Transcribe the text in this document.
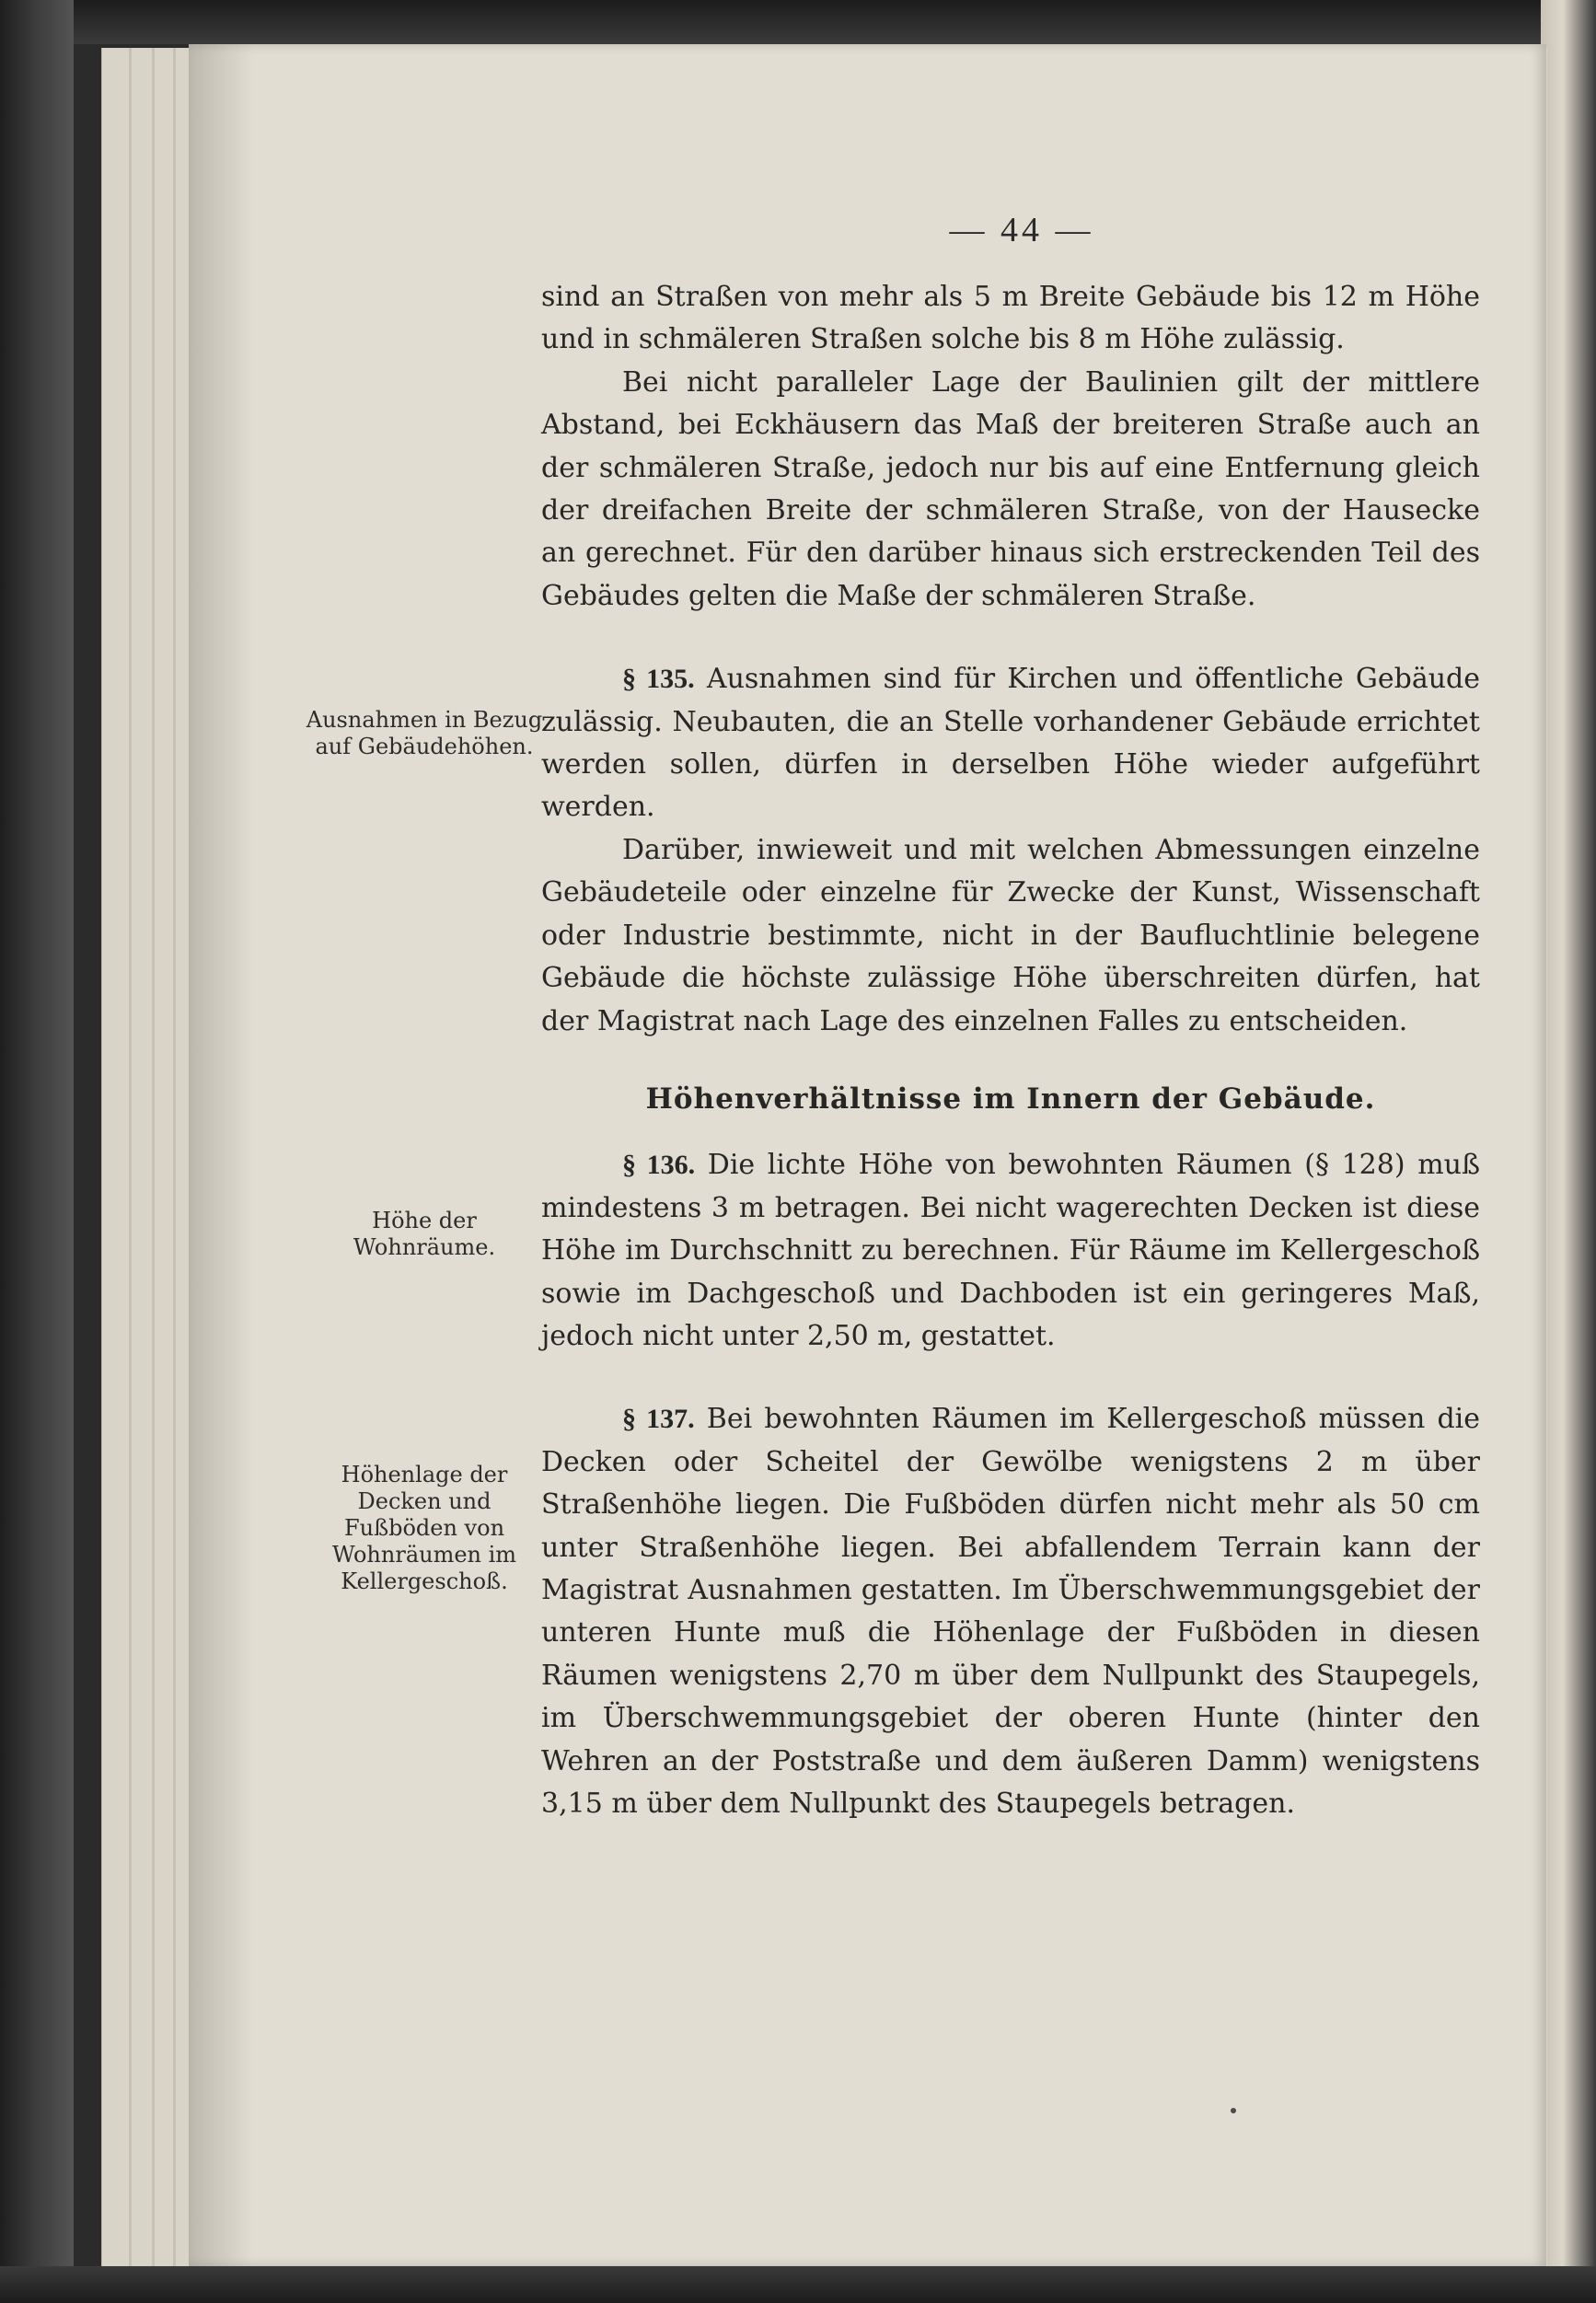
— 44 —
Ausnahmen in Bezug auf Gebäudehöhen.
Höhe der Wohnräume.
Höhenlage der Decken und Fußböden von Wohnräumen im Kellergeschoß.

sind an Straßen von mehr als 5 m Breite Gebäude bis 12 m Höhe und in schmäleren Straßen solche bis 8 m Höhe zulässig.

Bei nicht paralleler Lage der Baulinien gilt der mittlere Abstand, bei Eckhäusern das Maß der breiteren Straße auch an der schmäleren Straße, jedoch nur bis auf eine Entfernung gleich der dreifachen Breite der schmäleren Straße, von der Hausecke an gerechnet. Für den darüber hinaus sich erstreckenden Teil des Gebäudes gelten die Maße der schmäleren Straße.

§ 135. Ausnahmen sind für Kirchen und öffentliche Gebäude zulässig. Neubauten, die an Stelle vorhandener Gebäude errichtet werden sollen, dürfen in derselben Höhe wieder aufgeführt werden.

Darüber, inwieweit und mit welchen Abmessungen einzelne Gebäudeteile oder einzelne für Zwecke der Kunst, Wissenschaft oder Industrie bestimmte, nicht in der Baufluchtlinie belegene Gebäude die höchste zulässige Höhe überschreiten dürfen, hat der Magistrat nach Lage des einzelnen Falles zu entscheiden.

Höhenverhältnisse im Innern der Gebäude.

§ 136. Die lichte Höhe von bewohnten Räumen (§ 128) muß mindestens 3 m betragen. Bei nicht wagerechten Decken ist diese Höhe im Durchschnitt zu berechnen. Für Räume im Kellergeschoß sowie im Dachgeschoß und Dachboden ist ein geringeres Maß, jedoch nicht unter 2,50 m, gestattet.

§ 137. Bei bewohnten Räumen im Kellergeschoß müssen die Decken oder Scheitel der Gewölbe wenigstens 2 m über Straßenhöhe liegen. Die Fußböden dürfen nicht mehr als 50 cm unter Straßenhöhe liegen. Bei abfallendem Terrain kann der Magistrat Ausnahmen gestatten. Im Überschwemmungsgebiet der unteren Hunte muß die Höhenlage der Fußböden in diesen Räumen wenigstens 2,70 m über dem Nullpunkt des Staupegels, im Überschwemmungsgebiet der oberen Hunte (hinter den Wehren an der Poststraße und dem äußeren Damm) wenigstens 3,15 m über dem Nullpunkt des Staupegels betragen.
